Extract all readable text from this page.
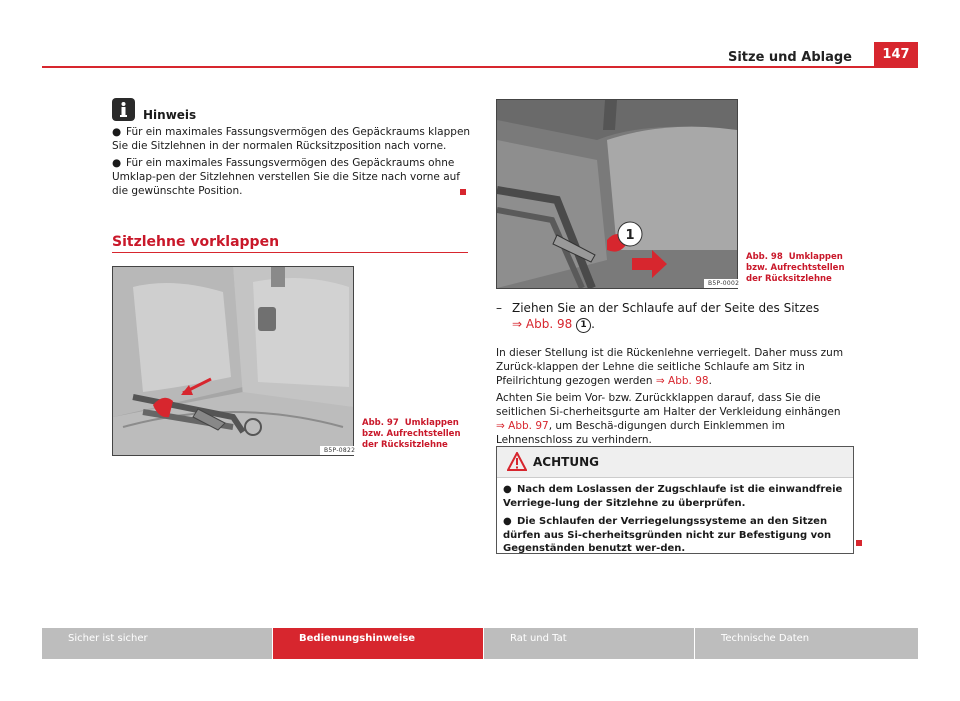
Sitze und Ablage	147
Hinweis
● Für ein maximales Fassungsvermögen des Gepäckraums klappen Sie die Sitzlehnen in der normalen Rücksitzposition nach vorne.
● Für ein maximales Fassungsvermögen des Gepäckraums ohne Umklap-pen der Sitzlehnen verstellen Sie die Sitze nach vorne auf die gewünschte Position.
Sitzlehne vorklappen
B5P-0822
Abb. 97 Umklappen bzw. Aufrechtstellen der Rücksitzlehne
1
B5P-0002
Abb. 98 Umklappen bzw. Aufrechtstellen der Rücksitzlehne
– Ziehen Sie an der Schlaufe auf der Seite des Sitzes
⇒ Abb. 98 1 .
In dieser Stellung ist die Rückenlehne verriegelt. Daher muss zum Zurück-klappen der Lehne die seitliche Schlaufe am Sitz in Pfeilrichtung gezogen werden ⇒ Abb. 98.
Achten Sie beim Vor- bzw. Zurückklappen darauf, dass Sie die seitlichen Si-cherheitsgurte am Halter der Verkleidung einhängen ⇒ Abb. 97, um Beschä-digungen durch Einklemmen im Lehnenschloss zu verhindern.
ACHTUNG
● Nach dem Loslassen der Zugschlaufe ist die einwandfreie Verriege-lung der Sitzlehne zu überprüfen.
● Die Schlaufen der Verriegelungssysteme an den Sitzen dürfen aus Si-cherheitsgründen nicht zur Befestigung von Gegenständen benutzt wer-den.
Sicher ist sicher	Bedienungshinweise	Rat und Tat	Technische Daten
